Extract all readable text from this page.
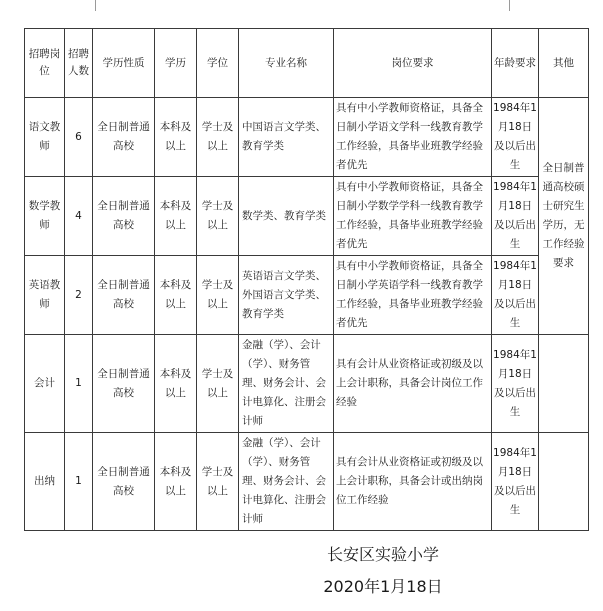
招聘岗位	招聘人数	学历性质	学历	学位	专业名称	岗位要求	年龄要求	其他
语文教师	6	全日制普通高校	本科及以上	学士及以上	中国语言文学类、教育学类	具有中小学教师资格证，具备全日制小学语文学科一线教育教学工作经验，具备毕业班教学经验者优先	1984年1月18日及以后出生	全日制普通高校硕士研究生学历，无工作经验要求
数学教师	4	全日制普通高校	本科及以上	学士及以上	数学类、教育学类	具有中小学教师资格证，具备全日制小学数学学科一线教育教学工作经验，具备毕业班教学经验者优先	1984年1月18日及以后出生	
英语教师	2	全日制普通高校	本科及以上	学士及以上	英语语言文学类、外国语言文学类、教育学类	具有中小学教师资格证，具备全日制小学英语学科一线教育教学工作经验，具备毕业班教学经验者优先	1984年1月18日及以后出生	
会计	1	全日制普通高校	本科及以上	学士及以上	金融（学）、会计（学）、财务管理、财务会计、会计电算化、注册会计师	具有会计从业资格证或初级及以上会计职称，具备会计岗位工作经验	1984年1月18日及以后出生	
出纳	1	全日制普通高校	本科及以上	学士及以上	金融（学）、会计（学）、财务管理、财务会计、会计电算化、注册会计师	具有会计从业资格证或初级及以上会计职称，具备会计或出纳岗位工作经验	1984年1月18日及以后出生	
长安区实验小学
2020年1月18日
